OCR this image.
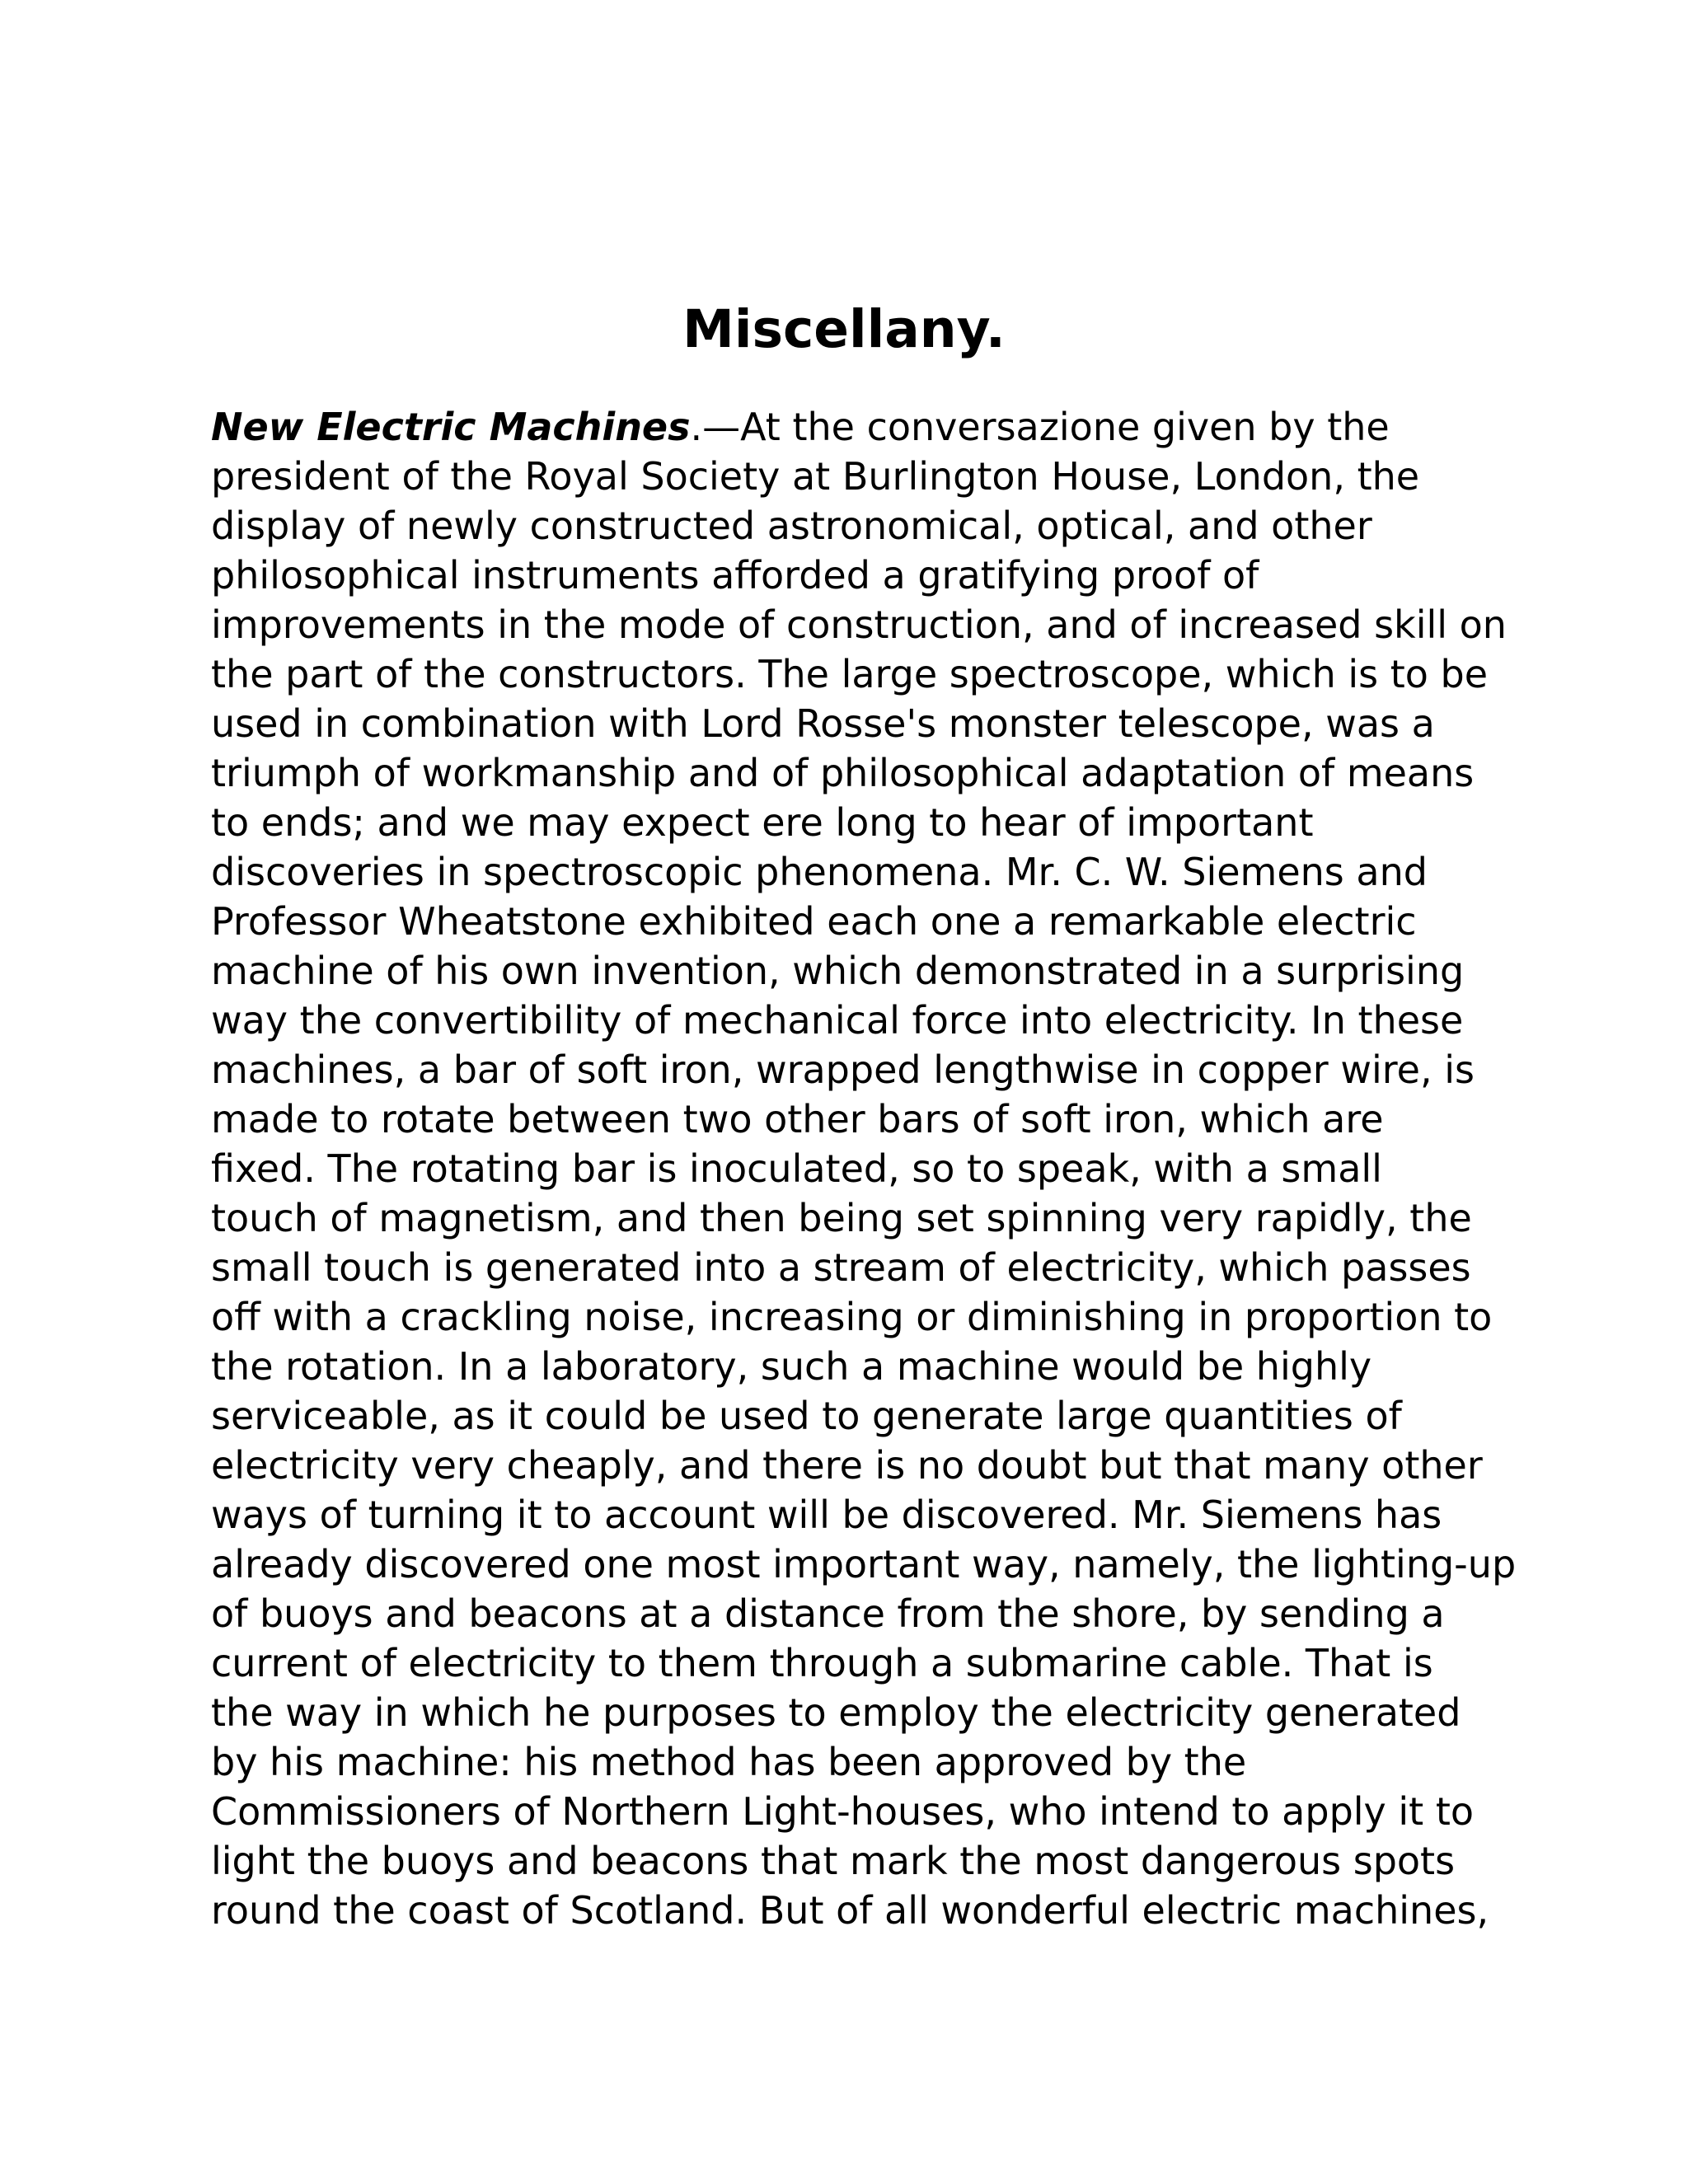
Miscellany.
New Electric Machines.—At the conversazione given by the
president of the Royal Society at Burlington House, London, the
display of newly constructed astronomical, optical, and other
philosophical instruments afforded a gratifying proof of
improvements in the mode of construction, and of increased skill on
the part of the constructors. The large spectroscope, which is to be
used in combination with Lord Rosse's monster telescope, was a
triumph of workmanship and of philosophical adaptation of means
to ends; and we may expect ere long to hear of important
discoveries in spectroscopic phenomena. Mr. C. W. Siemens and
Professor Wheatstone exhibited each one a remarkable electric
machine of his own invention, which demonstrated in a surprising
way the convertibility of mechanical force into electricity. In these
machines, a bar of soft iron, wrapped lengthwise in copper wire, is
made to rotate between two other bars of soft iron, which are
fixed. The rotating bar is inoculated, so to speak, with a small
touch of magnetism, and then being set spinning very rapidly, the
small touch is generated into a stream of electricity, which passes
off with a crackling noise, increasing or diminishing in proportion to
the rotation. In a laboratory, such a machine would be highly
serviceable, as it could be used to generate large quantities of
electricity very cheaply, and there is no doubt but that many other
ways of turning it to account will be discovered. Mr. Siemens has
already discovered one most important way, namely, the lighting-up
of buoys and beacons at a distance from the shore, by sending a
current of electricity to them through a submarine cable. That is
the way in which he purposes to employ the electricity generated
by his machine: his method has been approved by the
Commissioners of Northern Light-houses, who intend to apply it to
light the buoys and beacons that mark the most dangerous spots
round the coast of Scotland. But of all wonderful electric machines,
